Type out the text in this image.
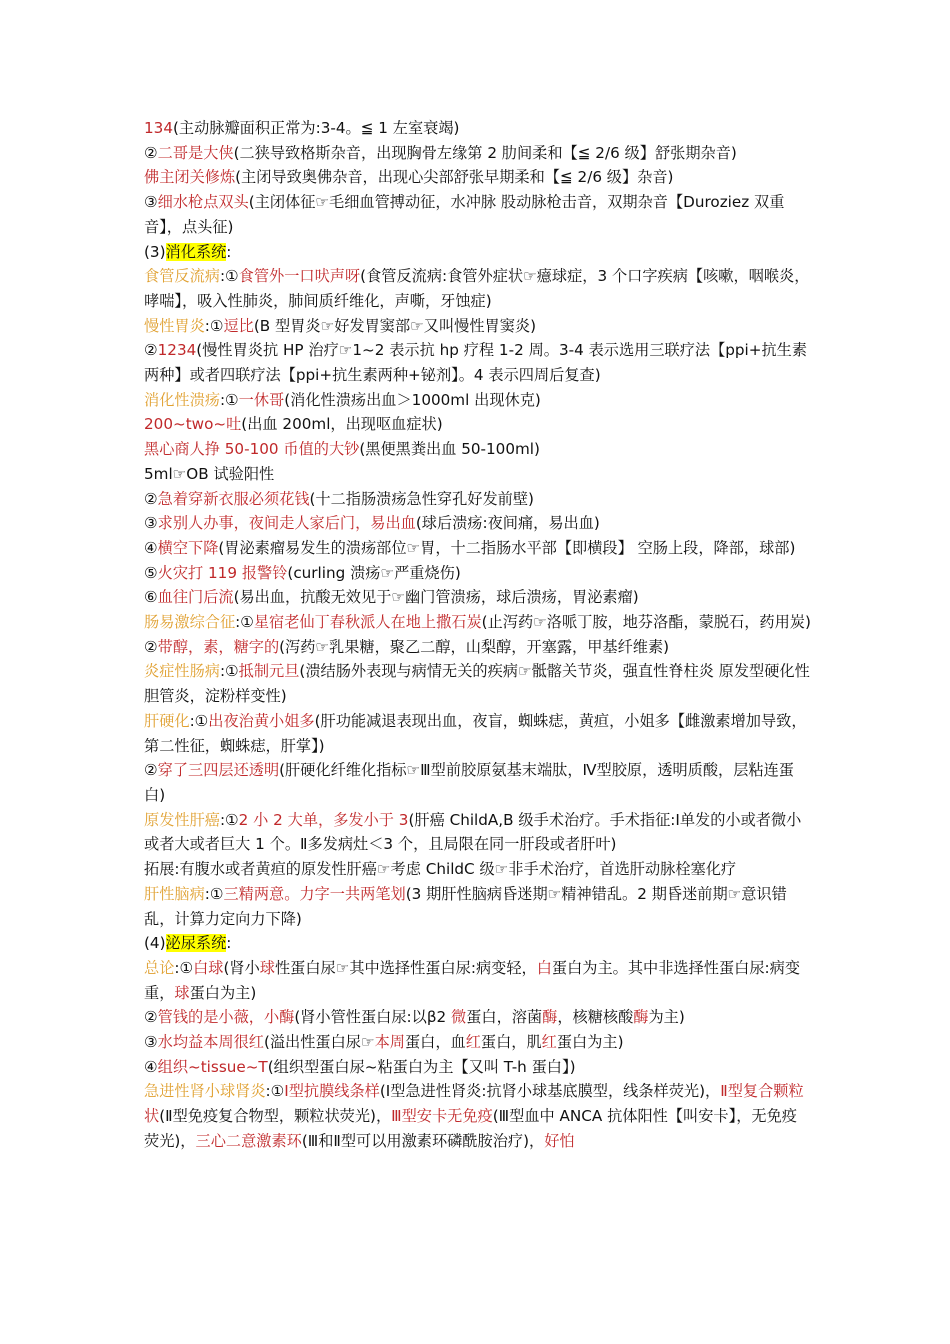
134(主动脉瓣面积正常为:3-4。≦ 1 左室衰竭)
②二哥是大侠(二狭导致格斯杂音，出现胸骨左缘第 2 肋间柔和【≦ 2/6 级】舒张期杂音)
佛主闭关修炼(主闭导致奥佛杂音，出现心尖部舒张早期柔和【≦ 2/6 级】杂音)
③细水枪点双头(主闭体征☞毛细血管搏动征，水冲脉 股动脉枪击音，双期杂音【Duroziez 双重音】，点头征)
(3)消化系统:
食管反流病:①食管外一口吠声呀(食管反流病:食管外症状☞癔球症，3 个口字疾病【咳嗽，咽喉炎，哮喘】，吸入性肺炎，肺间质纤维化，声嘶，牙蚀症)
慢性胃炎:①逗比(B 型胃炎☞好发胃窦部☞又叫慢性胃窦炎)
②1234(慢性胃炎抗 HP 治疗☞1~2 表示抗 hp 疗程 1-2 周。3-4 表示选用三联疗法【ppi+抗生素两种】或者四联疗法【ppi+抗生素两种+铋剂】。4 表示四周后复查)
消化性溃疡:①一休哥(消化性溃疡出血＞1000ml 出现休克)
200~two~吐(出血 200ml，出现呕血症状)
黑心商人挣 50-100 币值的大钞(黑便黑粪出血 50-100ml)
5ml☞OB 试验阳性
②急着穿新衣服必须花钱(十二指肠溃疡急性穿孔好发前壁)
③求别人办事，夜间走人家后门，易出血(球后溃疡:夜间痛，易出血)
④横空下降(胃泌素瘤易发生的溃疡部位☞胃，十二指肠水平部【即横段】 空肠上段，降部，球部)
⑤火灾打 119 报警铃(curling 溃疡☞严重烧伤)
⑥血往门后流(易出血，抗酸无效见于☞幽门管溃疡，球后溃疡，胃泌素瘤)
肠易激综合征:①星宿老仙丁春秋派人在地上撒石炭(止泻药☞洛哌丁胺，地芬洛酯，蒙脱石，药用炭)
②带醇，素，糖字的(泻药☞乳果糖，聚乙二醇，山梨醇，开塞露，甲基纤维素)
炎症性肠病:①抵制元旦(溃结肠外表现与病情无关的疾病☞骶髂关节炎，强直性脊柱炎 原发型硬化性胆管炎，淀粉样变性)
肝硬化:①出夜治黄小姐多(肝功能减退表现出血，夜盲，蜘蛛痣，黄疸，小姐多【雌激素增加导致，第二性征，蜘蛛痣，肝掌】)
②穿了三四层还透明(肝硬化纤维化指标☞Ⅲ型前胶原氨基末端肽，Ⅳ型胶原，透明质酸，层粘连蛋白)
原发性肝癌:①2 小 2 大单，多发小于 3(肝癌 ChildA,B 级手术治疗。手术指征:Ⅰ单发的小或者微小或者大或者巨大 1 个。Ⅱ多发病灶＜3 个，且局限在同一肝段或者肝叶)
拓展:有腹水或者黄疸的原发性肝癌☞考虑 ChildC 级☞非手术治疗，首选肝动脉栓塞化疗
肝性脑病:①三精两意。力字一共两笔划(3 期肝性脑病昏迷期☞精神错乱。2 期昏迷前期☞意识错乱，计算力定向力下降)
(4)泌尿系统:
总论:①白球(肾小球性蛋白尿☞其中选择性蛋白尿:病变轻，白蛋白为主。其中非选择性蛋白尿:病变重，球蛋白为主)
②管钱的是小薇，小酶(肾小管性蛋白尿:以β2 微蛋白，溶菌酶，核糖核酸酶为主)
③水均益本周很红(溢出性蛋白尿☞本周蛋白，血红蛋白，肌红蛋白为主)
④组织~tissue~T(组织型蛋白尿~粘蛋白为主【又叫 T-h 蛋白】)
急进性肾小球肾炎:①Ⅰ型抗膜线条样(Ⅰ型急进性肾炎:抗肾小球基底膜型，线条样荧光)，Ⅱ型复合颗粒状(Ⅱ型免疫复合物型，颗粒状荧光)，Ⅲ型安卡无免疫(Ⅲ型血中 ANCA 抗体阳性【叫安卡】，无免疫荧光)，三心二意激素环(Ⅲ和Ⅱ型可以用激素环磷酰胺治疗)，好怕
